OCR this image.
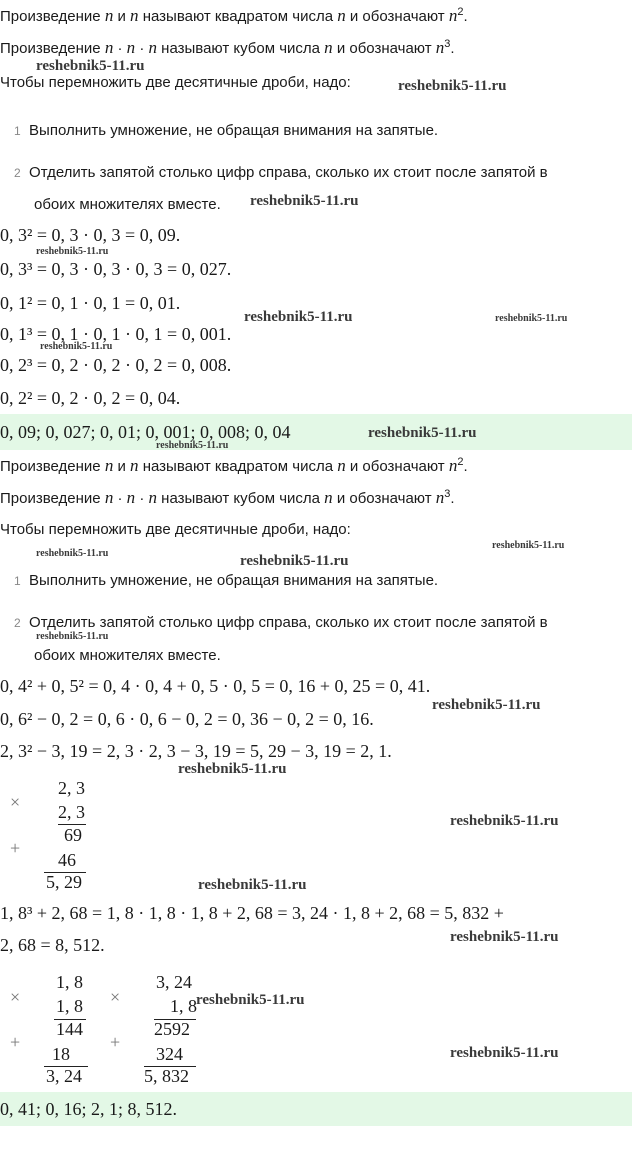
Произведение n и n называют квадратом числа n и обозначают $n^2$.
Произведение n · n · n называют кубом числа n и обозначают $n^3$.
reshebnik5-11.ru
Чтобы перемножить две десятичные дроби, надо:	reshebnik5-11.ru
1 Выполнить умножение, не обращая внимания на запятые.
2 Отделить запятой столько цифр справа, сколько их стоит после запятой в
обоих множителях вместе. reshebnik5-11.ru
0, 3² = 0, 3 · 0, 3 = 0, 09.
reshebnik5-11.ru
0, 3³ = 0, 3 · 0, 3 · 0, 3 = 0, 027.
0, 1² = 0, 1 · 0, 1 = 0, 01.
reshebnik5-11.ru	reshebnik5-11.ru
0, 1³ = 0, 1 · 0, 1 · 0, 1 = 0, 001.
reshebnik5-11.ru
0, 2³ = 0, 2 · 0, 2 · 0, 2 = 0, 008.
0, 2² = 0, 2 · 0, 2 = 0, 04.
0, 09; 0, 027; 0, 01; 0, 001; 0, 008; 0, 04	reshebnik5-11.ru
reshebnik5-11.ru
Произведение n и n называют квадратом числа n и обозначают $n^2$.
Произведение n · n · n называют кубом числа n и обозначают $n^3$.
Чтобы перемножить две десятичные дроби, надо:
reshebnik5-11.ru
reshebnik5-11.ru	reshebnik5-11.ru
1 Выполнить умножение, не обращая внимания на запятые.
2 Отделить запятой столько цифр справа, сколько их стоит после запятой в
reshebnik5-11.ru
обоих множителях вместе.
0, 4² + 0, 5² = 0, 4 · 0, 4 + 0, 5 · 0, 5 = 0, 16 + 0, 25 = 0, 41.
0, 6² − 0, 2 = 0, 6 · 0, 6 − 0, 2 = 0, 36 − 0, 2 = 0, 16.
reshebnik5-11.ru
2, 3² − 3, 19 = 2, 3 · 2, 3 − 3, 19 = 5, 29 − 3, 19 = 2, 1.
reshebnik5-11.ru
×
2, 3
2, 3
69
+
46
5, 29
reshebnik5-11.ru
reshebnik5-11.ru
1, 8³ + 2, 68 = 1, 8 · 1, 8 · 1, 8 + 2, 68 = 3, 24 · 1, 8 + 2, 68 = 5, 832 +
2, 68 = 8, 512.	reshebnik5-11.ru
×
1, 8
1, 8
144
+
18
3, 24
×
3, 24
1, 8
2592
+
324
5, 832
reshebnik5-11.ru
reshebnik5-11.ru
0, 41; 0, 16; 2, 1; 8, 512.
